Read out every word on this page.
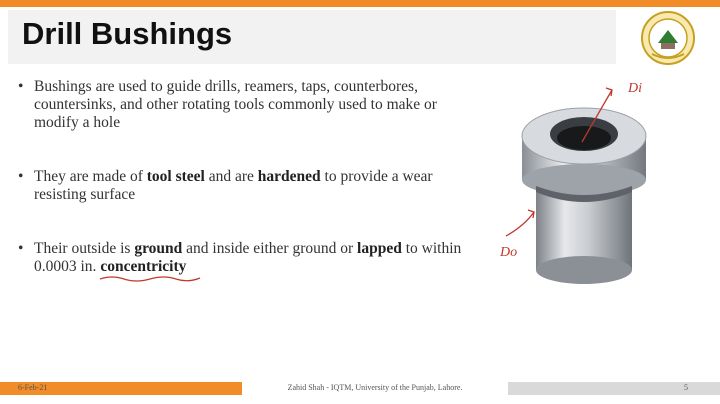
Drill Bushings
• Bushings are used to guide drills, reamers, taps, counterbores, countersinks, and other rotating tools commonly used to make or modify a hole
• They are made of tool steel and are hardened to provide a wear resisting surface
• Their outside is ground and inside either ground or lapped to within 0.0003 in. concentricity
Di
Do
6-Feb-21	Zahid Shah - IQTM, University of the Punjab, Lahore.	5
